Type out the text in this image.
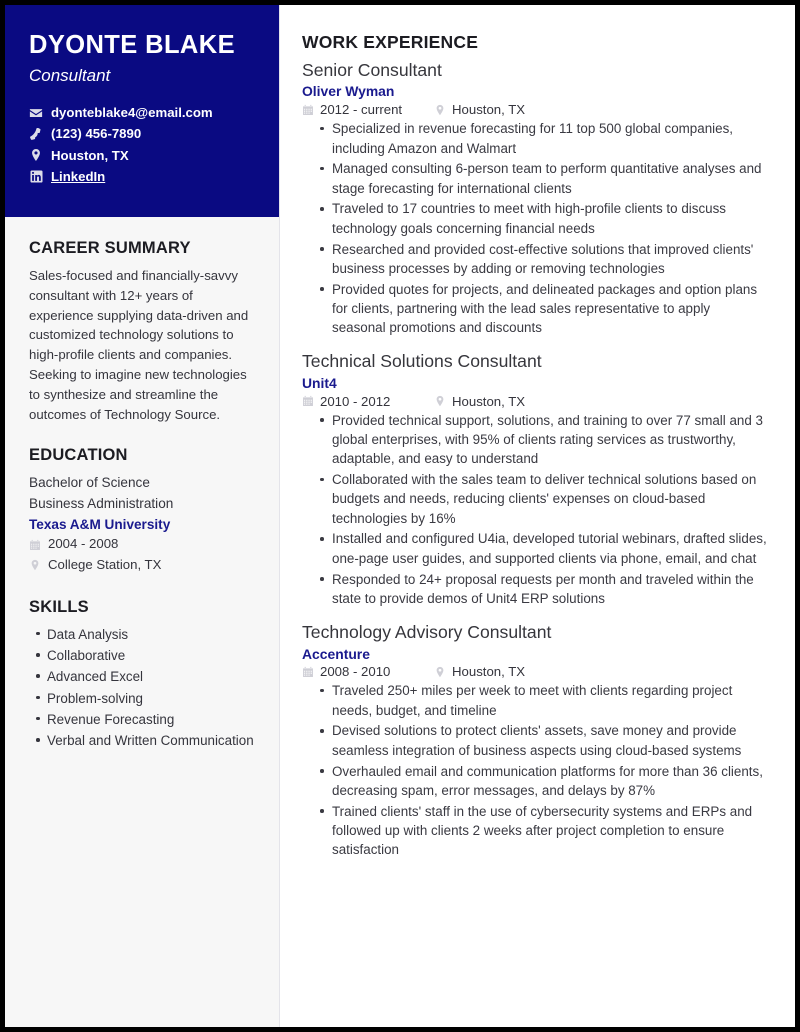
DYONTE BLAKE
Consultant
dyonteblake4@email.com
(123) 456-7890
Houston, TX
LinkedIn
CAREER SUMMARY

Sales-focused and financially-savvy consultant with 12+ years of experience supplying data-driven and customized technology solutions to high-profile clients and companies. Seeking to imagine new technologies to synthesize and streamline the outcomes of Technology Source.

EDUCATION
Bachelor of Science
Business Administration
Texas A&M University
2004 - 2008
College Station, TX
SKILLS
Data Analysis
Collaborative
Advanced Excel
Problem-solving
Revenue Forecasting
Verbal and Written Communication
WORK EXPERIENCE
Senior Consultant
Oliver Wyman
2012 - current	Houston, TX
Specialized in revenue forecasting for 11 top 500 global companies, including Amazon and Walmart
Managed consulting 6-person team to perform quantitative analyses and stage forecasting for international clients
Traveled to 17 countries to meet with high-profile clients to discuss technology goals concerning financial needs
Researched and provided cost-effective solutions that improved clients' business processes by adding or removing technologies
Provided quotes for projects, and delineated packages and option plans for clients, partnering with the lead sales representative to apply seasonal promotions and discounts
Technical Solutions Consultant
Unit4
2010 - 2012	Houston, TX
Provided technical support, solutions, and training to over 77 small and 3 global enterprises, with 95% of clients rating services as trustworthy, adaptable, and easy to understand
Collaborated with the sales team to deliver technical solutions based on budgets and needs, reducing clients' expenses on cloud-based technologies by 16%
Installed and configured U4ia, developed tutorial webinars, drafted slides, one-page user guides, and supported clients via phone, email, and chat
Responded to 24+ proposal requests per month and traveled within the state to provide demos of Unit4 ERP solutions
Technology Advisory Consultant
Accenture
2008 - 2010	Houston, TX
Traveled 250+ miles per week to meet with clients regarding project needs, budget, and timeline
Devised solutions to protect clients' assets, save money and provide seamless integration of business aspects using cloud-based systems
Overhauled email and communication platforms for more than 36 clients, decreasing spam, error messages, and delays by 87%
Trained clients' staff in the use of cybersecurity systems and ERPs and followed up with clients 2 weeks after project completion to ensure satisfaction
